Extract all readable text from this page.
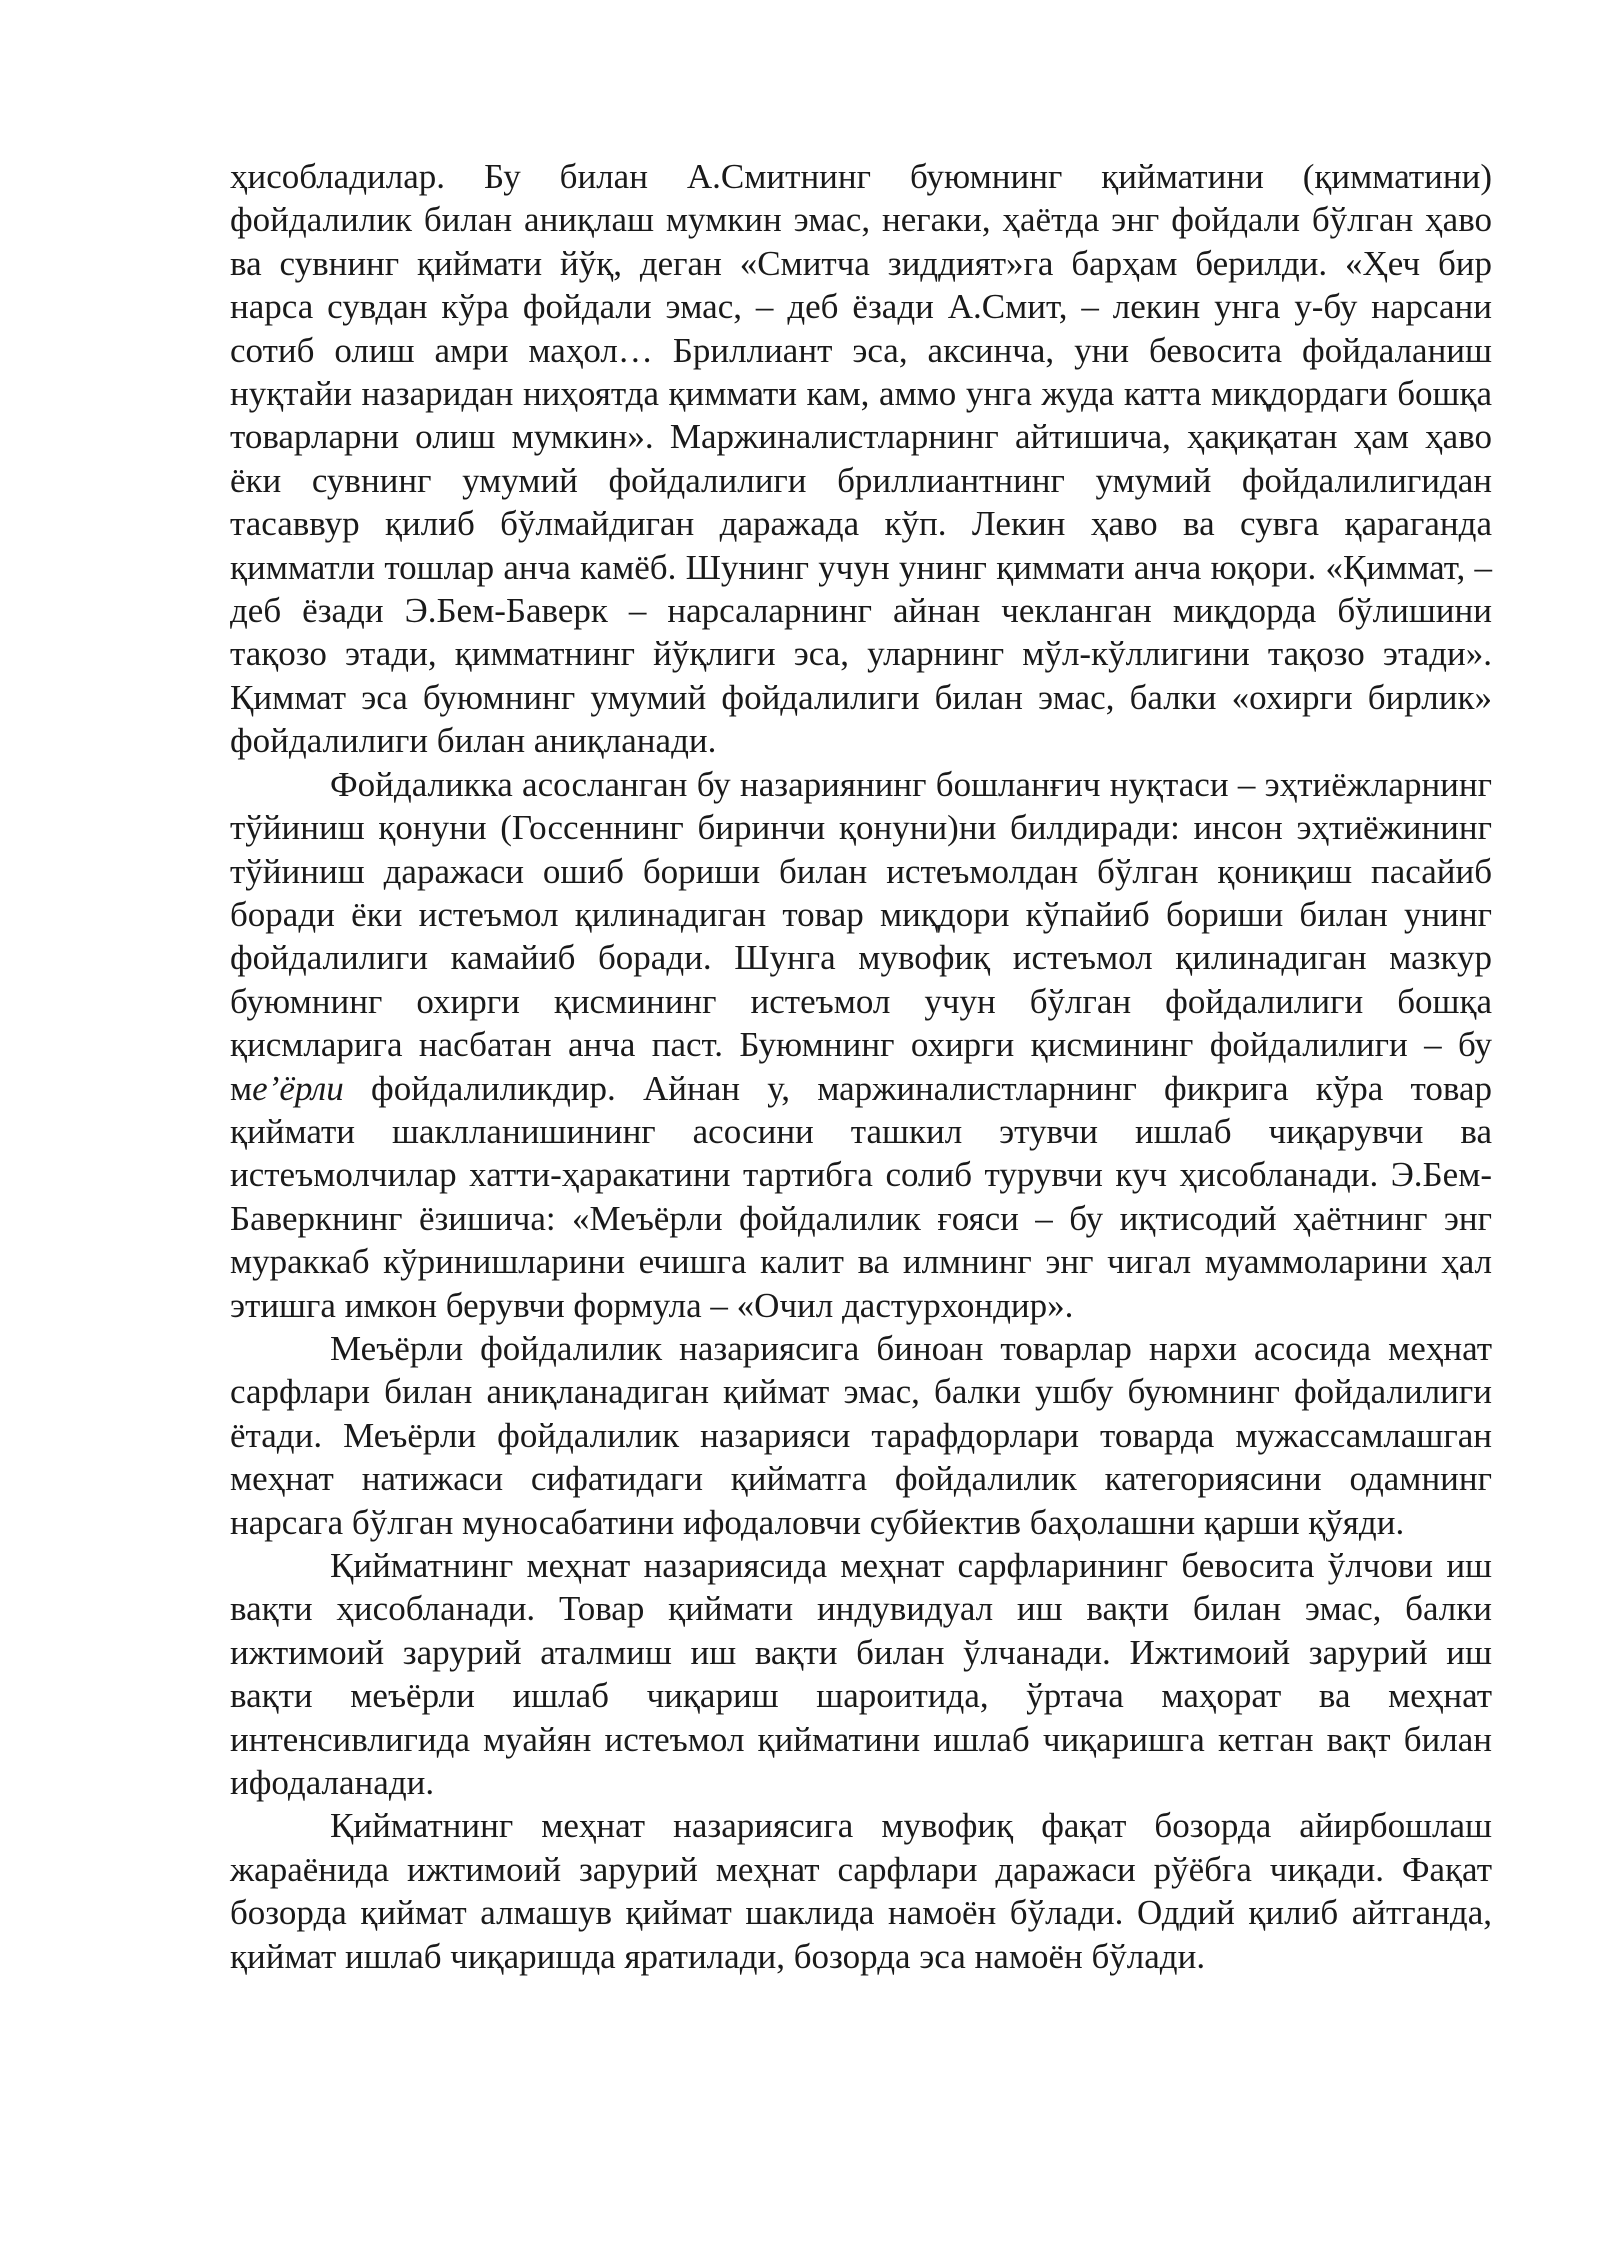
ҳисобладилар. Бу билан А.Смитнинг буюмнинг қийматини (қимматини) фойдалилик билан аниқлаш мумкин эмас, негаки, ҳаётда энг фойдали бўлган ҳаво ва сувнинг қиймати йўқ, деган «Смитча зиддият»га барҳам берилди. «Ҳеч бир нарса сувдан кўра фойдали эмас, – деб ёзади А.Смит, – лекин унга у-бу нарсани сотиб олиш амри маҳол… Бриллиант эса, аксинча, уни бевосита фойдаланиш нуқтайи назаридан ниҳоятда қиммати кам, аммо унга жуда катта миқдордаги бошқа товарларни олиш мумкин». Маржиналистларнинг айтишича, ҳақиқатан ҳам ҳаво ёки сувнинг умумий фойдалилиги бриллиантнинг умумий фойдалилигидан тасаввур қилиб бўлмайдиган даражада кўп. Лекин ҳаво ва сувга қараганда қимматли тошлар анча камёб. Шунинг учун унинг қиммати анча юқори. «Қиммат, – деб ёзади Э.Бем-Баверк – нарсаларнинг айнан чекланган миқдорда бўлишини тақозо этади, қимматнинг йўқлиги эса, уларнинг мўл-кўллигини тақозо этади». Қиммат эса буюмнинг умумий фойдалилиги билан эмас, балки «охирги бирлик» фойдалилиги билан аниқланади.

Фойдаликка асосланган бу назариянинг бошланғич нуқтаси – эҳтиёжларнинг тўйиниш қонуни (Госсеннинг биринчи қонуни)ни билдиради: инсон эҳтиёжининг тўйиниш даражаси ошиб бориши билан истеъмолдан бўлган қониқиш пасайиб боради ёки истеъмол қилинадиган товар миқдори кўпайиб бориши билан унинг фойдалилиги камайиб боради. Шунга мувофиқ истеъмол қилинадиган мазкур буюмнинг охирги қисмининг истеъмол учун бўлган фойдалилиги бошқа қисмларига насбатан анча паст. Буюмнинг охирги қисмининг фойдалилиги – бу ме’ёрли фойдалиликдир. Айнан у, маржиналистларнинг фикрига кўра товар қиймати шаклланишининг асосини ташкил этувчи ишлаб чиқарувчи ва истеъмолчилар хатти-ҳаракатини тартибга солиб турувчи куч ҳисобланади. Э.Бем-Баверкнинг ёзишича: «Меъёрли фойдалилик ғояси – бу иқтисодий ҳаётнинг энг мураккаб кўринишларини ечишга калит ва илмнинг энг чигал муаммоларини ҳал этишга имкон берувчи формула – «Очил дастурхондир».

Меъёрли фойдалилик назариясига биноан товарлар нархи асосида меҳнат сарфлари билан аниқланадиган қиймат эмас, балки ушбу буюмнинг фойдалилиги ётади. Меъёрли фойдалилик назарияси тарафдорлари товарда мужассамлашган меҳнат натижаси сифатидаги қийматга фойдалилик категориясини одамнинг нарсага бўлган муносабатини ифодаловчи субйектив баҳолашни қарши қўяди.

Қийматнинг меҳнат назариясида меҳнат сарфларининг бевосита ўлчови иш вақти ҳисобланади. Товар қиймати индувидуал иш вақти билан эмас, балки ижтимоий зарурий аталмиш иш вақти билан ўлчанади. Ижтимоий зарурий иш вақти меъёрли ишлаб чиқариш шароитида, ўртача маҳорат ва меҳнат интенсивлигида муайян истеъмол қийматини ишлаб чиқаришга кетган вақт билан ифодаланади.

Қийматнинг меҳнат назариясига мувофиқ фақат бозорда айирбошлаш жараёнида ижтимоий зарурий меҳнат сарфлари даражаси рўёбга чиқади. Фақат бозорда қиймат алмашув қиймат шаклида намоён бўлади. Оддий қилиб айтганда, қиймат ишлаб чиқаришда яратилади, бозорда эса намоён бўлади.
